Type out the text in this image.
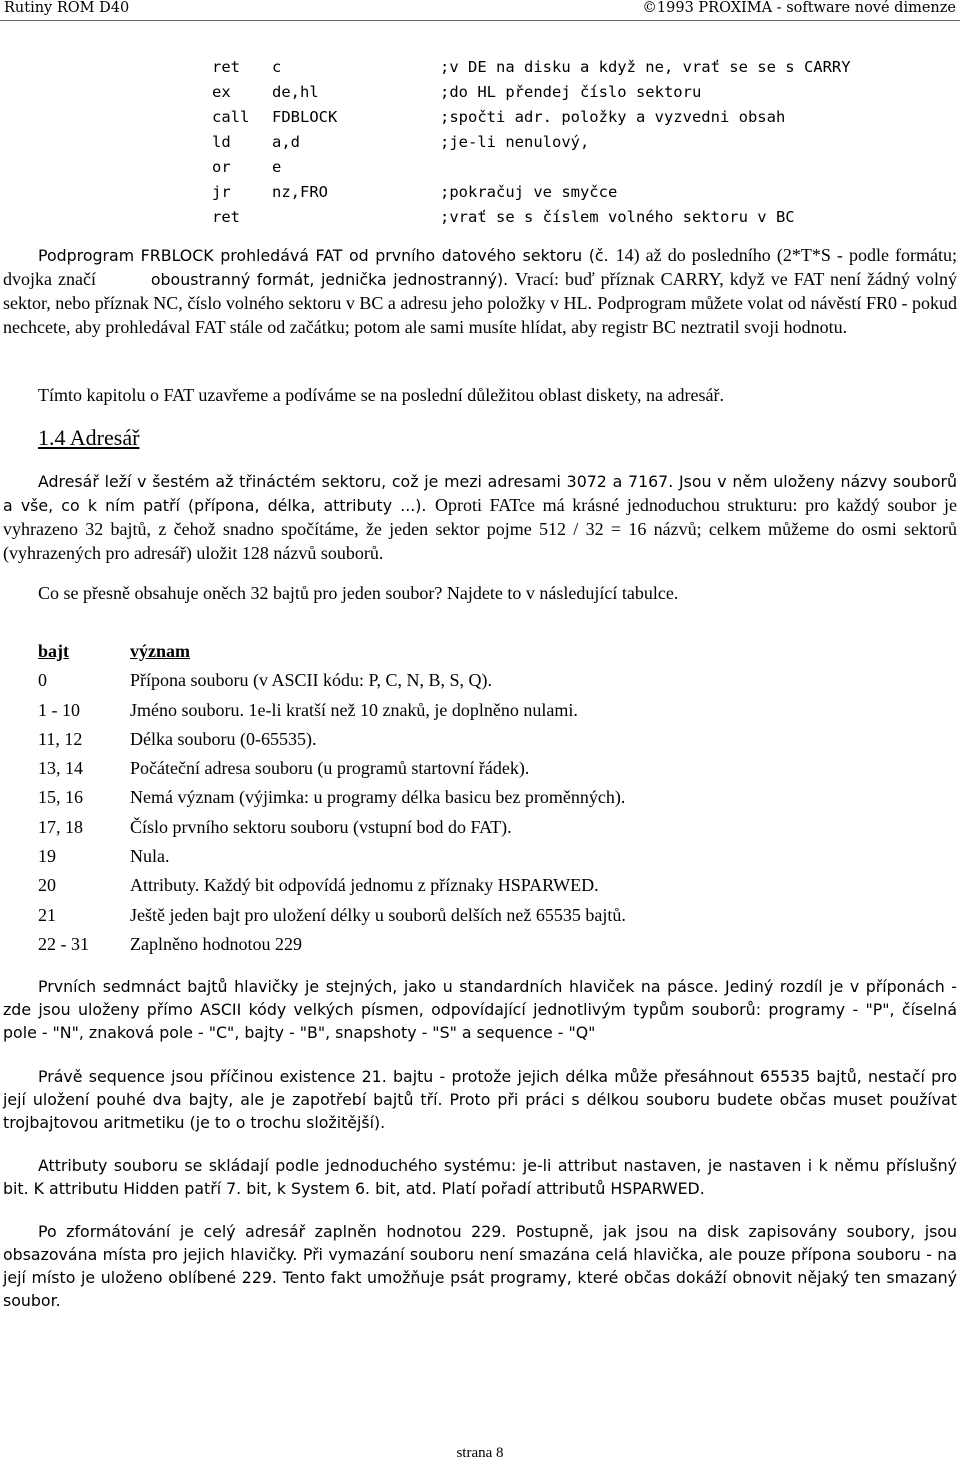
Rutiny ROM D40	©1993 PROXIMA - software nové dimenze
ret c	;v DE na disku a když ne, vrať se se s CARRY
ex	de,hl	;do HL přendej číslo sektoru
call FDBLOCK	;spočti adr. položky a vyzvedni obsah
ld	a,d	;je-li nenulový,
or	e
jr	nz,FRO	;pokračuj ve smyčce
ret	;vrať se s číslem volného sektoru v BC
Podprogram FRBLOCK prohledává FAT od prvního datového sektoru (č. 14) až do posledního (2*T*S - podle formátu; dvojka značí	oboustranný formát, jednička jednostranný). Vrací: buď příznak CARRY, když ve FAT není žádný volný sektor, nebo příznak NC, číslo volného sektoru v BC a adresu jeho položky v HL. Podprogram můžete volat od návěstí FR0 - pokud nechcete, aby prohledával FAT stále od začátku; potom ale sami musíte hlídat, aby registr BC neztratil svoji hodnotu.
Tímto kapitolu o FAT uzavřeme a podíváme se na poslední důležitou oblast diskety, na adresář.
1.4 Adresář
Adresář leží v šestém až třináctém sektoru, což je mezi adresami 3072 a 7167. Jsou v něm uloženy názvy souborů a vše, co k ním patří (přípona, délka, attributy ...). Oproti FATce má krásné jednoduchou strukturu: pro každý soubor je vyhrazeno 32 bajtů, z čehož snadno spočítáme, že jeden sektor pojme 512 / 32 = 16 názvů; celkem můžeme do osmi sektorů (vyhrazených pro adresář) uložit 128 názvů souborů.
Co se přesně obsahuje oněch 32 bajtů pro jeden soubor? Najdete to v následující tabulce.
bajt	význam
0	Přípona souboru (v ASCII kódu: P, C, N, B, S, Q).
1 - 10	Jméno souboru. 1e-li kratší než 10 znaků, je doplněno nulami.
11, 12	Délka souboru (0-65535).
13, 14	Počáteční adresa souboru (u programů startovní řádek).
15, 16	Nemá význam (výjimka: u programy délka basicu bez proměnných).
17, 18	Číslo prvního sektoru souboru (vstupní bod do FAT).
19	Nula.
20	Attributy. Každý bit odpovídá jednomu z příznaky HSPARWED.
21	Ještě jeden bajt pro uložení délky u souborů delších než 65535 bajtů.
22 - 31 Zaplněno hodnotou 229
Prvních sedmnáct bajtů hlavičky je stejných, jako u standardních hlaviček na pásce. Jediný rozdíl je v příponách - zde jsou uloženy přímo ASCII kódy velkých písmen, odpovídající jednotlivým typům souborů: programy - "P", číselná pole - "N", znaková pole - "C", bajty - "B", snapshoty - "S" a sequence - "Q"
Právě sequence jsou příčinou existence 21. bajtu - protože jejich délka může přesáhnout 65535 bajtů, nestačí pro její uložení pouhé dva bajty, ale je zapotřebí bajtů tří. Proto při práci s délkou souboru budete občas muset používat trojbajtovou aritmetiku (je to o trochu složitější).
Attributy souboru se skládají podle jednoduchého systému: je-li attribut nastaven, je nastaven i k němu příslušný bit. K attributu Hidden patří 7. bit, k System 6. bit, atd. Platí pořadí attributů HSPARWED.
Po zformátování je celý adresář zaplněn hodnotou 229. Postupně, jak jsou na disk zapisovány soubory, jsou obsazována místa pro jejich hlavičky. Při vymazání souboru není smazána celá hlavička, ale pouze přípona souboru - na její místo je uloženo oblíbené 229. Tento fakt umožňuje psát programy, které občas dokáží obnovit nějaký ten smazaný soubor.
strana 8
